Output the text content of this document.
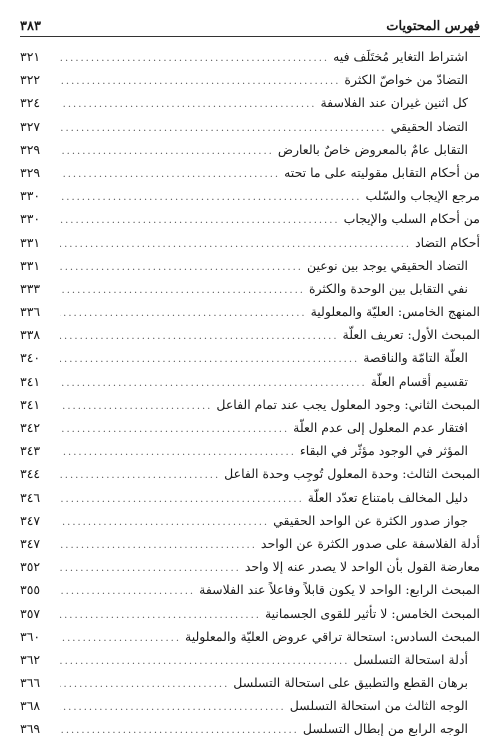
فهرس المحتويات
٣٨٣
اشتراط التغاير مُختَلَف فيه
.....
٣٢١
التضادّ من خواصّ الكثرة
.....
٣٢٢
كل اثنين غيران عند الفلاسفة
.....
٣٢٤
التضاد الحقيقي
.....
٣٢٧
التقابل عامٌ بالمعروض خاصٌ بالعارض
.....
٣٢٩
من أحكام التقابل مقوليته على ما تحته
.....
٣٢٩
مرجع الإيجاب والسّلب
.....
٣٣٠
من أحكام السلب والإيجاب
.....
٣٣٠
أحكام التضاد
.....
٣٣١
التضاد الحقيقي يوجد بين نوعين
.....
٣٣١
نفي التقابل بين الوحدة والكثرة
.....
٣٣٣
المنهج الخامس: العليّة والمعلولية
.....
٣٣٦
المبحث الأول: تعريف العلّة
.....
٣٣٨
العلّة التامّة والناقصة
.....
٣٤٠
تقسيم أقسام العلّة
.....
٣٤١
المبحث الثاني: وجود المعلول يجب عند تمام الفاعل
.....
٣٤١
افتقار عدم المعلول إلى عدم العلّة
.....
٣٤٢
المؤثر في الوجود مؤثّر في البقاء
.....
٣٤٣
المبحث الثالث: وحدة المعلول تُوجِب وحدة الفاعل
.....
٣٤٤
دليل المخالف بامتناع تعدّد العلّة
.....
٣٤٦
جواز صدور الكثرة عن الواحد الحقيقي
.....
٣٤٧
أدلة الفلاسفة على صدور الكثرة عن الواحد
.....
٣٤٧
معارضة القول بأن الواحد لا يصدر عنه إلا واحد
.....
٣٥٢
المبحث الرابع: الواحد لا يكون قابلاً وفاعلاً عند الفلاسفة
.....
٣٥٥
المبحث الخامس: لا تأثير للقوى الجسمانية
.....
٣٥٧
المبحث السادس: استحالة تراقي عروض العليّة والمعلولية
.....
٣٦٠
أدلة استحالة التسلسل
.....
٣٦٢
برهان القطع والتطبيق على استحالة التسلسل
.....
٣٦٦
الوجه الثالث من استحالة التسلسل
.....
٣٦٨
الوجه الرابع من إبطال التسلسل
.....
٣٦٩
